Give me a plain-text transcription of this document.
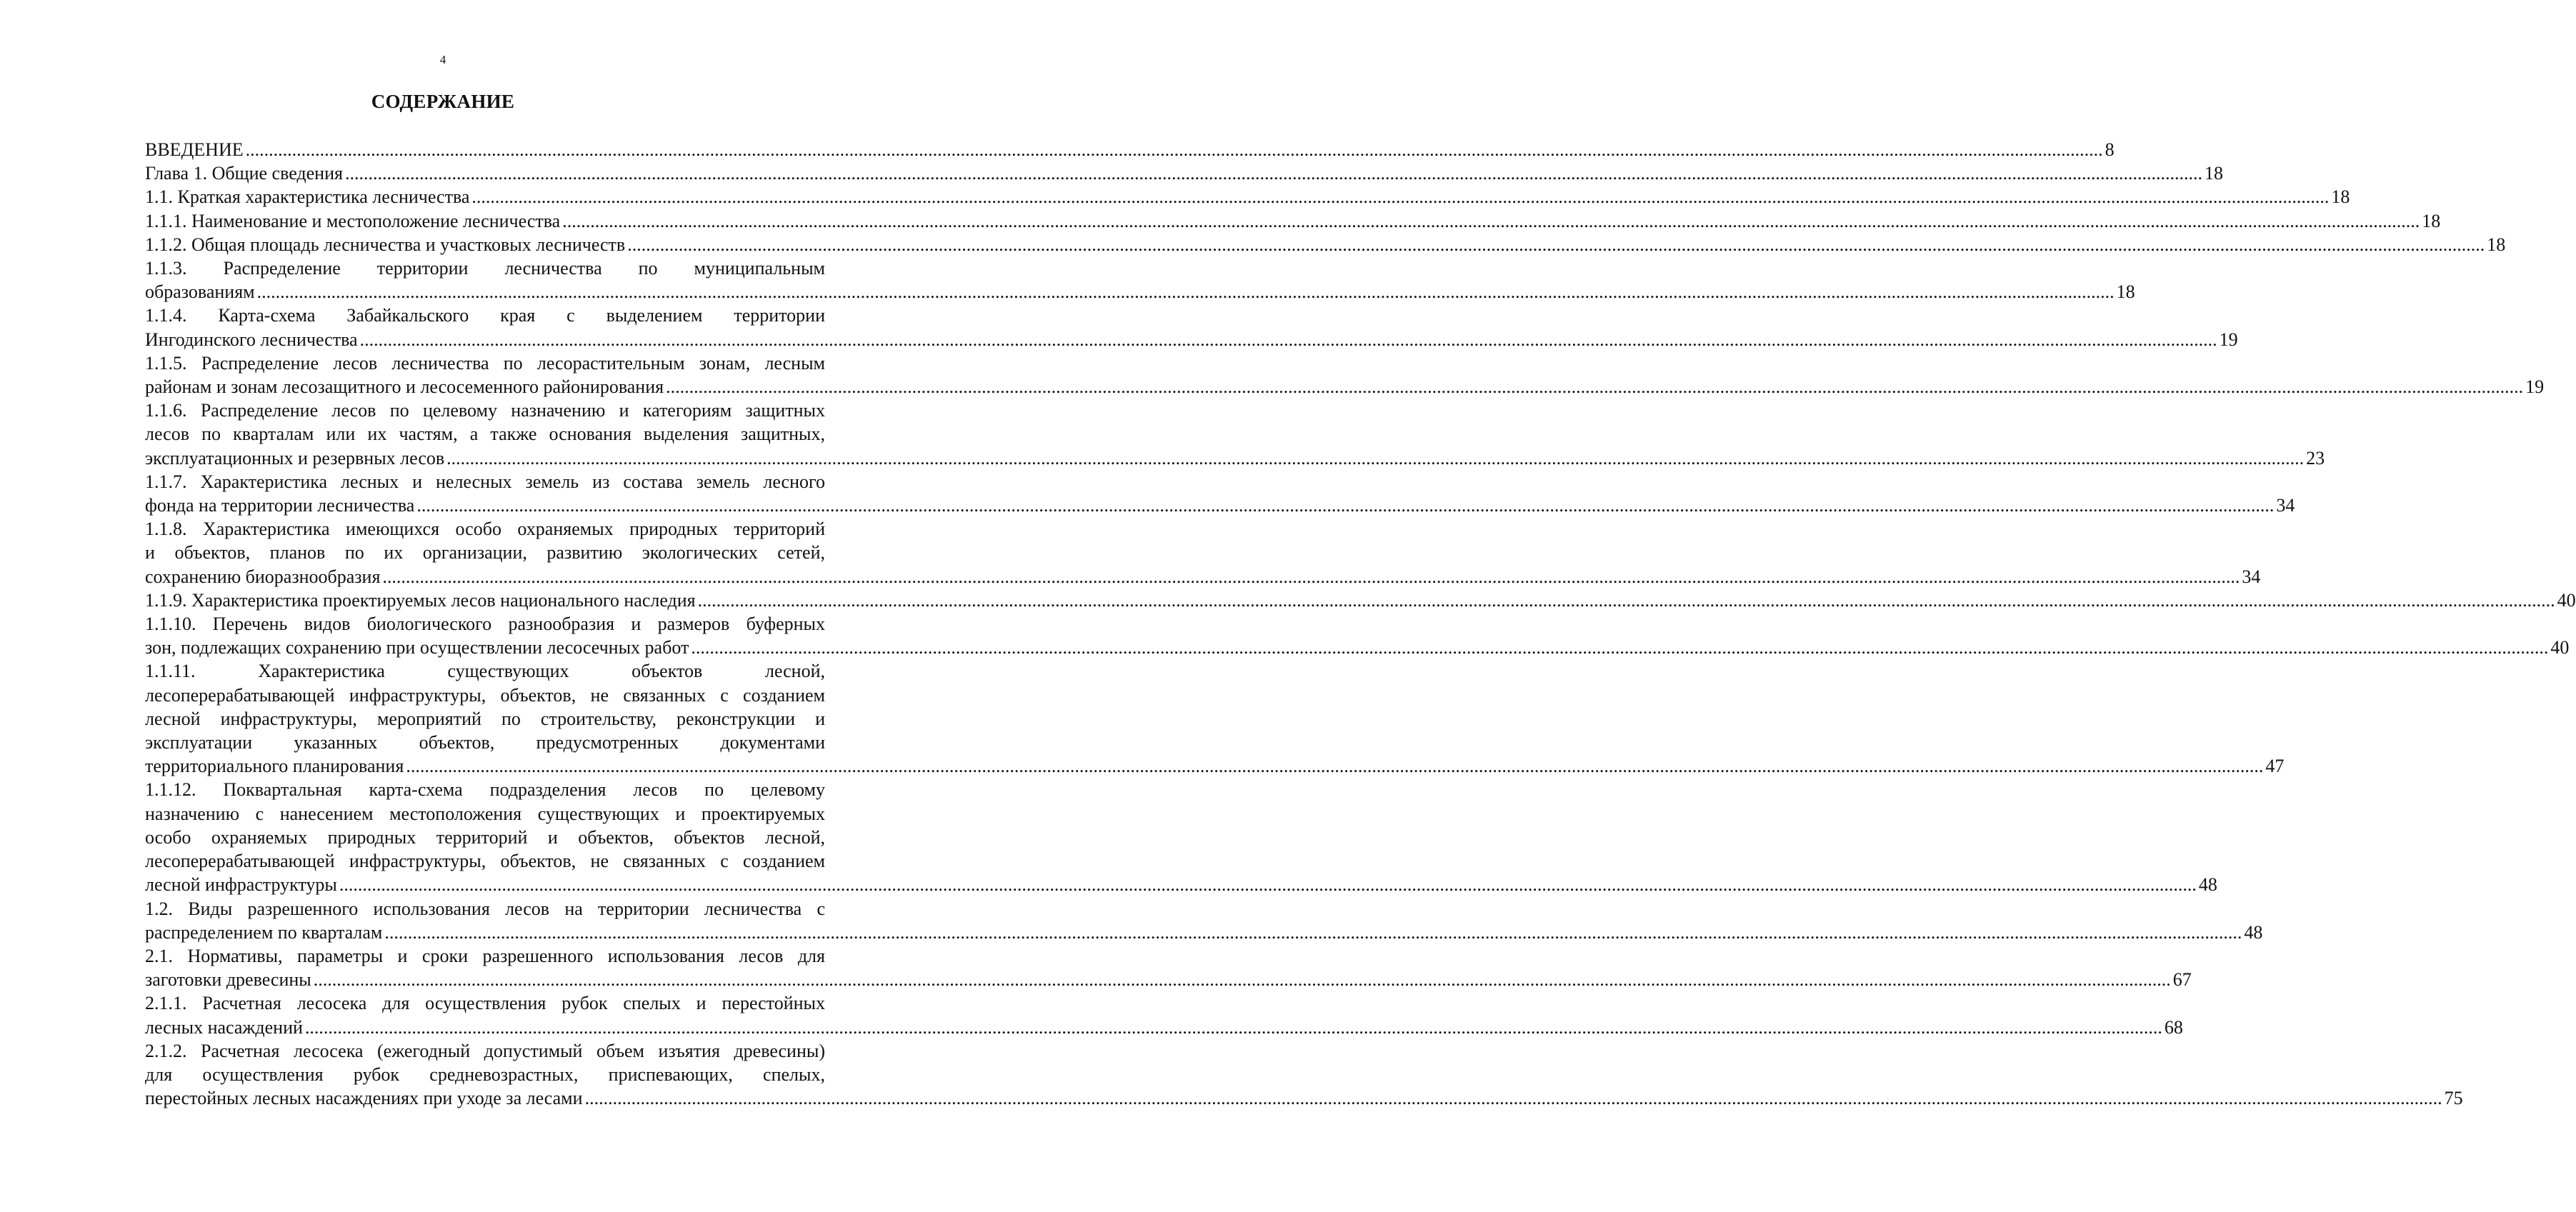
4
СОДЕРЖАНИЕ
ВВЕДЕНИЕ ................................................................................................................................................................................................................................................................................................................................................................................................................ 8
Глава 1. Общие сведения ................................................................................................................................................................................................................................................................................................................................................................................................................ 18
1.1. Краткая характеристика лесничества ................................................................................................................................................................................................................................................................................................................................................................................................................ 18
1.1.1. Наименование и местоположение лесничества ................................................................................................................................................................................................................................................................................................................................................................................................................ 18
1.1.2. Общая площадь лесничества и участковых лесничеств ................................................................................................................................................................................................................................................................................................................................................................................................................ 18
1.1.3. Распределение территории лесничества по муниципальным
образованиям ................................................................................................................................................................................................................................................................................................................................................................................................................ 18
1.1.4. Карта-схема Забайкальского края с выделением территории
Ингодинского лесничества ................................................................................................................................................................................................................................................................................................................................................................................................................ 19
1.1.5. Распределение лесов лесничества по лесорастительным зонам, лесным
районам и зонам лесозащитного и лесосеменного районирования ................................................................................................................................................................................................................................................................................................................................................................................................................ 19
1.1.6. Распределение лесов по целевому назначению и категориям защитных
лесов по кварталам или их частям, а также основания выделения защитных,
эксплуатационных и резервных лесов ................................................................................................................................................................................................................................................................................................................................................................................................................ 23
1.1.7. Характеристика лесных и нелесных земель из состава земель лесного
фонда на территории лесничества ................................................................................................................................................................................................................................................................................................................................................................................................................ 34
1.1.8. Характеристика имеющихся особо охраняемых природных территорий
и объектов, планов по их организации, развитию экологических сетей,
сохранению биоразнообразия ................................................................................................................................................................................................................................................................................................................................................................................................................ 34
1.1.9. Характеристика проектируемых лесов национального наследия ................................................................................................................................................................................................................................................................................................................................................................................................................ 40
1.1.10. Перечень видов биологического разнообразия и размеров буферных
зон, подлежащих сохранению при осуществлении лесосечных работ ................................................................................................................................................................................................................................................................................................................................................................................................................ 40
1.1.11. Характеристика существующих объектов лесной,
лесоперерабатывающей инфраструктуры, объектов, не связанных с созданием
лесной инфраструктуры, мероприятий по строительству, реконструкции и
эксплуатации указанных объектов, предусмотренных документами
территориального планирования ................................................................................................................................................................................................................................................................................................................................................................................................................ 47
1.1.12. Поквартальная карта-схема подразделения лесов по целевому
назначению с нанесением местоположения существующих и проектируемых
особо охраняемых природных территорий и объектов, объектов лесной,
лесоперерабатывающей инфраструктуры, объектов, не связанных с созданием
лесной инфраструктуры ................................................................................................................................................................................................................................................................................................................................................................................................................ 48
1.2. Виды разрешенного использования лесов на территории лесничества с
распределением по кварталам ................................................................................................................................................................................................................................................................................................................................................................................................................ 48
2.1. Нормативы, параметры и сроки разрешенного использования лесов для
заготовки древесины ................................................................................................................................................................................................................................................................................................................................................................................................................ 67
2.1.1. Расчетная лесосека для осуществления рубок спелых и перестойных
лесных насаждений ................................................................................................................................................................................................................................................................................................................................................................................................................ 68
2.1.2. Расчетная лесосека (ежегодный допустимый объем изъятия древесины)
для осуществления рубок средневозрастных, приспевающих, спелых,
перестойных лесных насаждениях при уходе за лесами ................................................................................................................................................................................................................................................................................................................................................................................................................ 75
